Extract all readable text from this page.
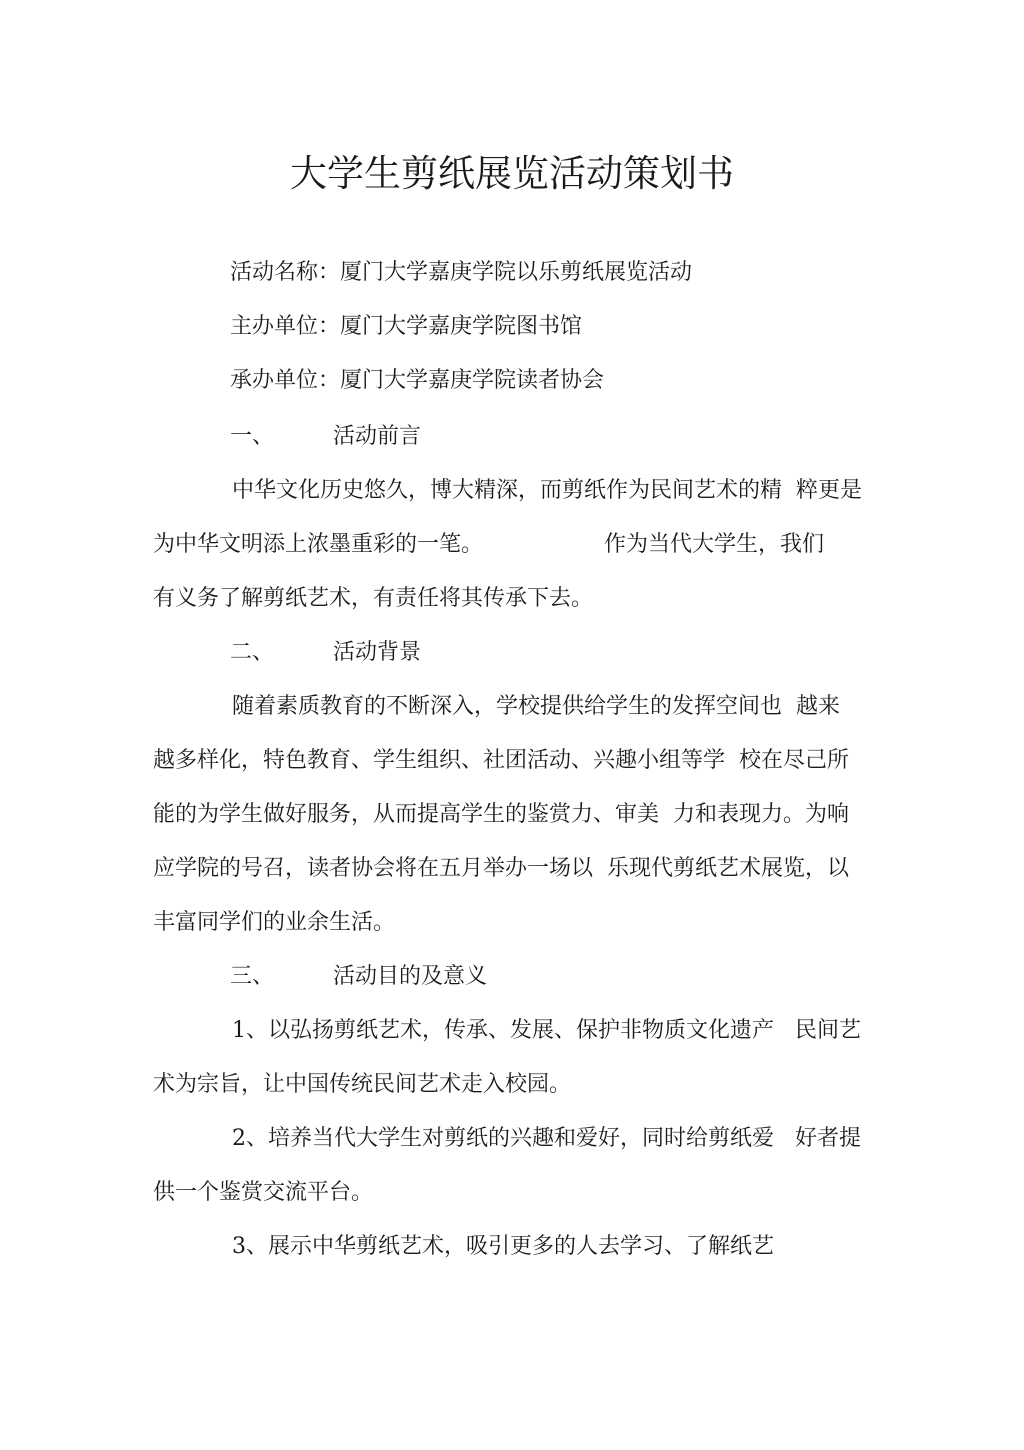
大学生剪纸展览活动策划书
活动名称：厦门大学嘉庚学院以乐剪纸展览活动
主办单位：厦门大学嘉庚学院图书馆
承办单位：厦门大学嘉庚学院读者协会
一、	活动前言
中华文化历史悠久，博大精深，而剪纸作为民间艺术的精  粹更是
为中华文明添上浓墨重彩的一笔。	作为当代大学生，我们
有义务了解剪纸艺术，有责任将其传承下去。
二、	活动背景
随着素质教育的不断深入，学校提供给学生的发挥空间也  越来
越多样化，特色教育、学生组织、社团活动、兴趣小组等学  校在尽己所
能的为学生做好服务，从而提高学生的鉴赏力、审美  力和表现力。为响
应学院的号召，读者协会将在五月举办一场以  乐现代剪纸艺术展览，以
丰富同学们的业余生活。
三、	活动目的及意义
1、以弘扬剪纸艺术，传承、发展、保护非物质文化遗产   民间艺
术为宗旨，让中国传统民间艺术走入校园。
2、培养当代大学生对剪纸的兴趣和爱好，同时给剪纸爱   好者提
供一个鉴赏交流平台。
3、展示中华剪纸艺术，吸引更多的人去学习、了解纸艺
